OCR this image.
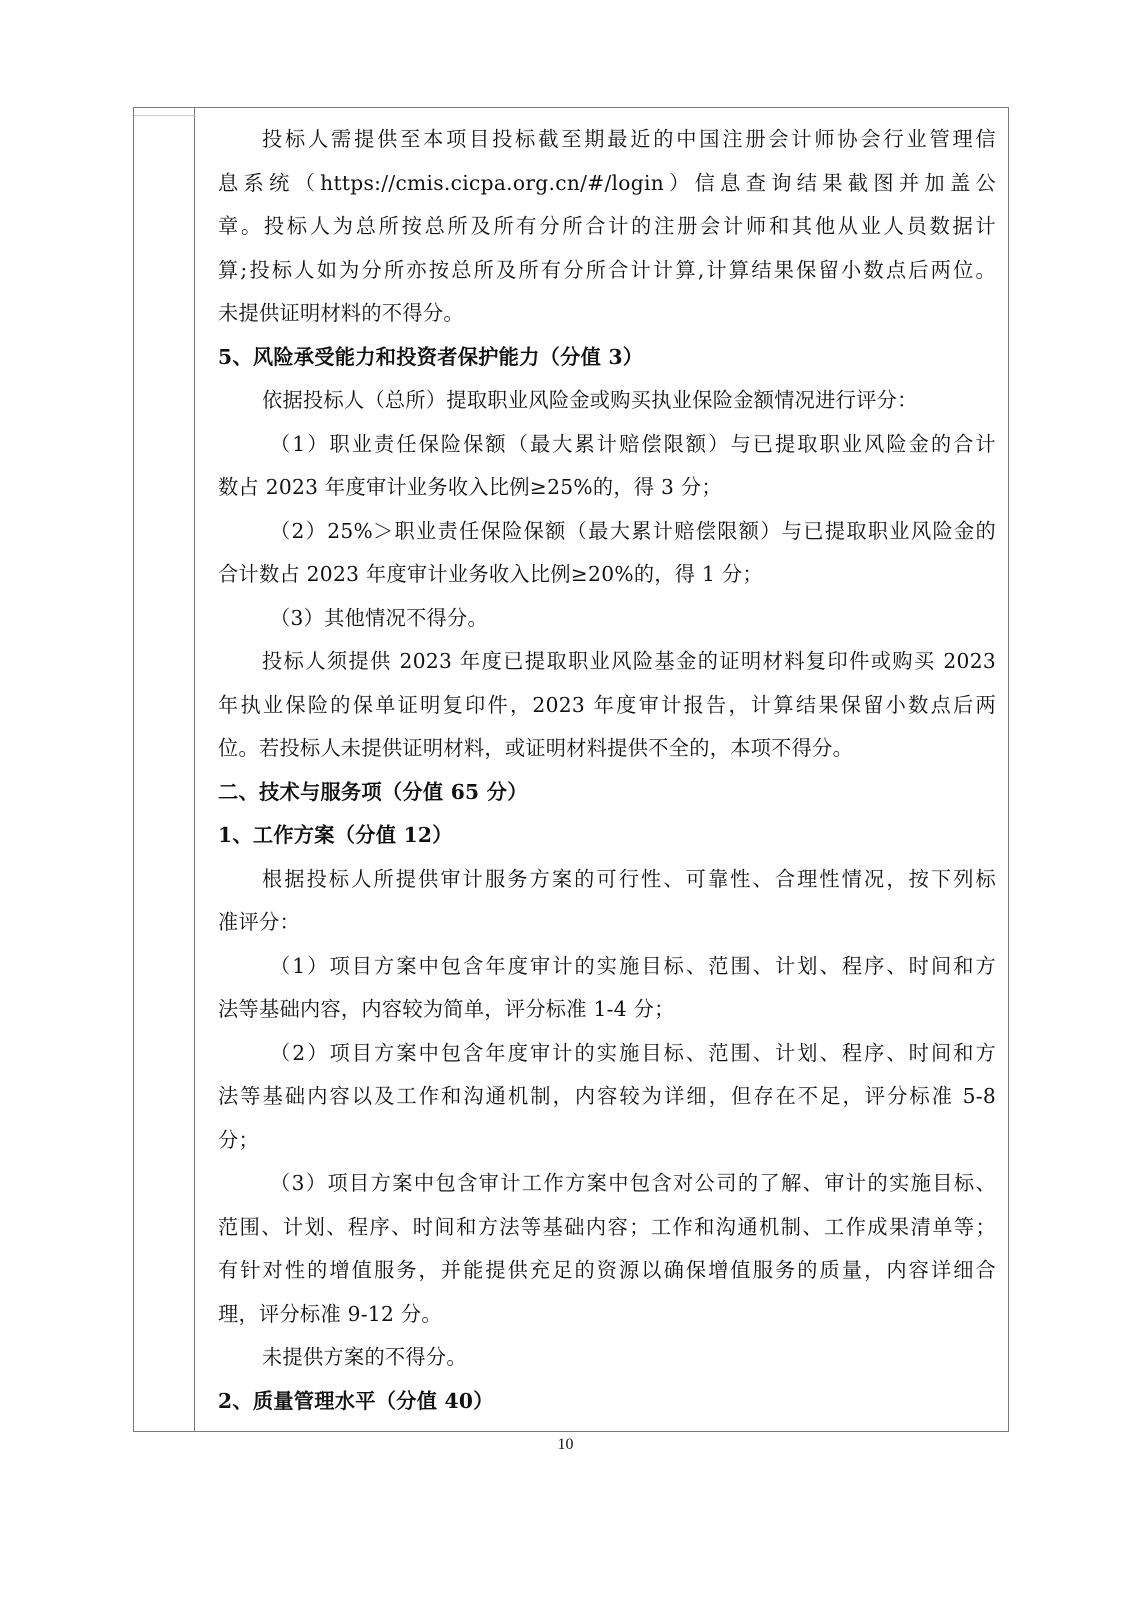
投标人需提供至本项目投标截至期最近的中国注册会计师协会行业管理信
息系统（https://cmis.cicpa.org.cn/#/login）信息查询结果截图并加盖公
章。投标人为总所按总所及所有分所合计的注册会计师和其他从业人员数据计
算;投标人如为分所亦按总所及所有分所合计计算,计算结果保留小数点后两位。
未提供证明材料的不得分。
5、风险承受能力和投资者保护能力（分值 3）
依据投标人（总所）提取职业风险金或购买执业保险金额情况进行评分：
（1）职业责任保险保额（最大累计赔偿限额）与已提取职业风险金的合计
数占 2023 年度审计业务收入比例≥25%的，得 3 分；
（2）25%＞职业责任保险保额（最大累计赔偿限额）与已提取职业风险金的
合计数占 2023 年度审计业务收入比例≥20%的，得 1 分；
（3）其他情况不得分。
投标人须提供 2023 年度已提取职业风险基金的证明材料复印件或购买 2023
年执业保险的保单证明复印件，2023 年度审计报告，计算结果保留小数点后两
位。若投标人未提供证明材料，或证明材料提供不全的，本项不得分。
二、技术与服务项（分值 65 分）
1、工作方案（分值 12）
根据投标人所提供审计服务方案的可行性、可靠性、合理性情况，按下列标
准评分：
（1）项目方案中包含年度审计的实施目标、范围、计划、程序、时间和方
法等基础内容，内容较为简单，评分标准 1-4 分；
（2）项目方案中包含年度审计的实施目标、范围、计划、程序、时间和方
法等基础内容以及工作和沟通机制，内容较为详细，但存在不足，评分标准 5-8
分；
（3）项目方案中包含审计工作方案中包含对公司的了解、审计的实施目标、
范围、计划、程序、时间和方法等基础内容；工作和沟通机制、工作成果清单等；
有针对性的增值服务，并能提供充足的资源以确保增值服务的质量，内容详细合
理，评分标准 9-12 分。
未提供方案的不得分。
2、质量管理水平（分值 40）
10
